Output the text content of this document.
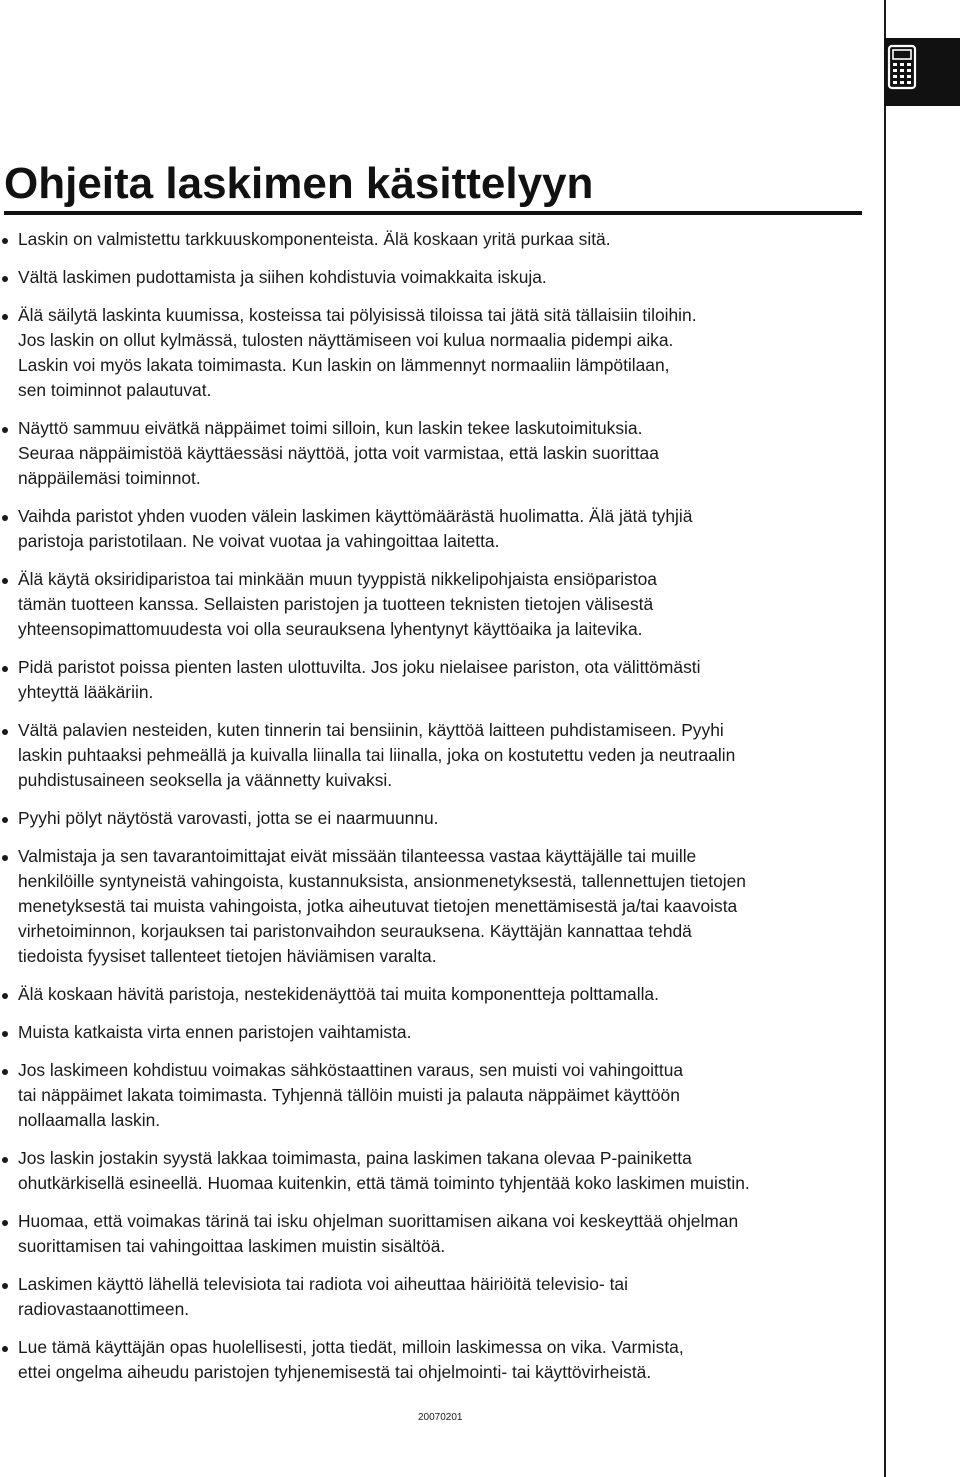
Ohjeita laskimen käsittelyyn
Laskin on valmistettu tarkkuuskomponenteista. Älä koskaan yritä purkaa sitä.
Vältä laskimen pudottamista ja siihen kohdistuvia voimakkaita iskuja.
Älä säilytä laskinta kuumissa, kosteissa tai pölyisissä tiloissa tai jätä sitä tällaisiin tiloihin.
Jos laskin on ollut kylmässä, tulosten näyttämiseen voi kulua normaalia pidempi aika.
Laskin voi myös lakata toimimasta. Kun laskin on lämmennyt normaaliin lämpötilaan,
sen toiminnot palautuvat.
Näyttö sammuu eivätkä näppäimet toimi silloin, kun laskin tekee laskutoimituksia.
Seuraa näppäimistöä käyttäessäsi näyttöä, jotta voit varmistaa, että laskin suorittaa
näppäilemäsi toiminnot.
Vaihda paristot yhden vuoden välein laskimen käyttömäärästä huolimatta. Älä jätä tyhjiä
paristoja paristotilaan. Ne voivat vuotaa ja vahingoittaa laitetta.
Älä käytä oksiridiparistoa tai minkään muun tyyppistä nikkelipohjaista ensiöparistoa
tämän tuotteen kanssa. Sellaisten paristojen ja tuotteen teknisten tietojen välisestä
yhteensopimattomuudesta voi olla seurauksena lyhentynyt käyttöaika ja laitevika.
Pidä paristot poissa pienten lasten ulottuvilta. Jos joku nielaisee pariston, ota välittömästi
yhteyttä lääkäriin.
Vältä palavien nesteiden, kuten tinnerin tai bensiinin, käyttöä laitteen puhdistamiseen. Pyyhi
laskin puhtaaksi pehmeällä ja kuivalla liinalla tai liinalla, joka on kostutettu veden ja neutraalin
puhdistusaineen seoksella ja väännetty kuivaksi.
Pyyhi pölyt näytöstä varovasti, jotta se ei naarmuunnu.
Valmistaja ja sen tavarantoimittajat eivät missään tilanteessa vastaa käyttäjälle tai muille
henkilöille syntyneistä vahingoista, kustannuksista, ansionmenetyksestä, tallennettujen tietojen
menetyksestä tai muista vahingoista, jotka aiheutuvat tietojen menettämisestä ja/tai kaavoista
virhetoiminnon, korjauksen tai paristonvaihdon seurauksena. Käyttäjän kannattaa tehdä
tiedoista fyysiset tallenteet tietojen häviämisen varalta.
Älä koskaan hävitä paristoja, nestekidenäyttöä tai muita komponentteja polttamalla.
Muista katkaista virta ennen paristojen vaihtamista.
Jos laskimeen kohdistuu voimakas sähköstaattinen varaus, sen muisti voi vahingoittua
tai näppäimet lakata toimimasta. Tyhjennä tällöin muisti ja palauta näppäimet käyttöön
nollaamalla laskin.
Jos laskin jostakin syystä lakkaa toimimasta, paina laskimen takana olevaa P-painiketta
ohutkärkisellä esineellä. Huomaa kuitenkin, että tämä toiminto tyhjentää koko laskimen muistin.
Huomaa, että voimakas tärinä tai isku ohjelman suorittamisen aikana voi keskeyttää ohjelman
suorittamisen tai vahingoittaa laskimen muistin sisältöä.
Laskimen käyttö lähellä televisiota tai radiota voi aiheuttaa häiriöitä televisio- tai
radiovastaanottimeen.
Lue tämä käyttäjän opas huolellisesti, jotta tiedät, milloin laskimessa on vika. Varmista,
ettei ongelma aiheudu paristojen tyhjenemisestä tai ohjelmointi- tai käyttövirheistä.
20070201
